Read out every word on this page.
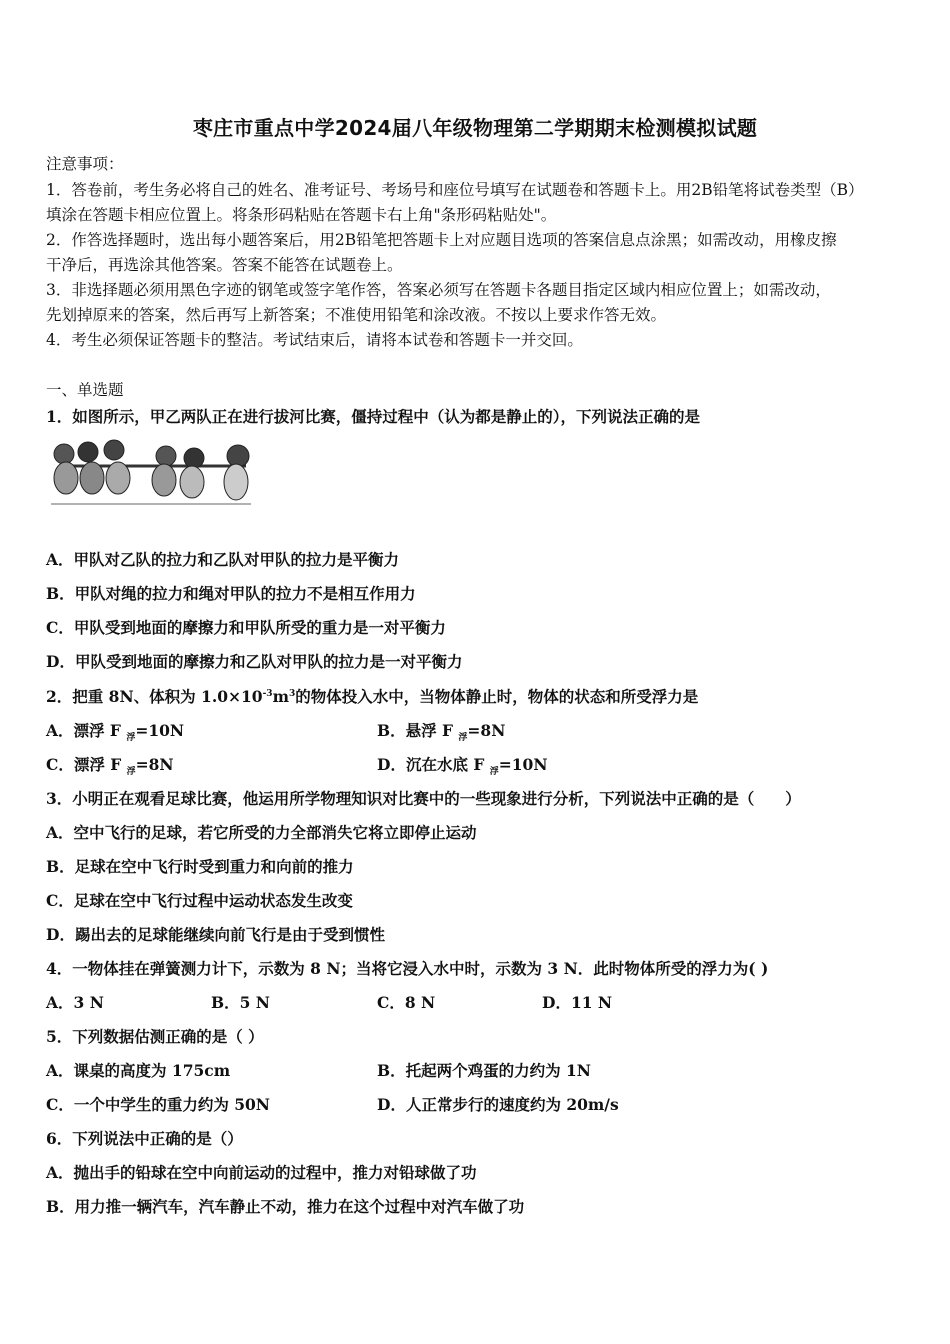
枣庄市重点中学2024届八年级物理第二学期期末检测模拟试题
注意事项：
1．答卷前，考生务必将自己的姓名、准考证号、考场号和座位号填写在试题卷和答题卡上。用2B铅笔将试卷类型（B）
填涂在答题卡相应位置上。将条形码粘贴在答题卡右上角"条形码粘贴处"。
2．作答选择题时，选出每小题答案后，用2B铅笔把答题卡上对应题目选项的答案信息点涂黑；如需改动，用橡皮擦
干净后，再选涂其他答案。答案不能答在试题卷上。
3．非选择题必须用黑色字迹的钢笔或签字笔作答，答案必须写在答题卡各题目指定区域内相应位置上；如需改动，
先划掉原来的答案，然后再写上新答案；不准使用铅笔和涂改液。不按以上要求作答无效。
4．考生必须保证答题卡的整洁。考试结束后，请将本试卷和答题卡一并交回。
一、单选题
1．如图所示，甲乙两队正在进行拔河比赛，僵持过程中（认为都是静止的），下列说法正确的是
A．甲队对乙队的拉力和乙队对甲队的拉力是平衡力
B．甲队对绳的拉力和绳对甲队的拉力不是相互作用力
C．甲队受到地面的摩擦力和甲队所受的重力是一对平衡力
D．甲队受到地面的摩擦力和乙队对甲队的拉力是一对平衡力
2．把重 8N、体积为 $1.0\times 10^{-3}m^3$的物体投入水中，当物体静止时，物体的状态和所受浮力是
A．漂浮 F $_浮$=10N	B．悬浮 F $_浮$=8N
C．漂浮 F $_浮$=8N	D．沉在水底 F $_浮$=10N
3．小明正在观看足球比赛，他运用所学物理知识对比赛中的一些现象进行分析，下列说法中正确的是（　　）
A．空中飞行的足球，若它所受的力全部消失它将立即停止运动
B．足球在空中飞行时受到重力和向前的推力
C．足球在空中飞行过程中运动状态发生改变
D．踢出去的足球能继续向前飞行是由于受到惯性
4．一物体挂在弹簧测力计下，示数为 8 N；当将它浸入水中时，示数为 3 N．此时物体所受的浮力为( )
A．3 N	B．5 N	C．8 N	D．11 N
5．下列数据估测正确的是（ ）
A．课桌的高度为 175cm	B．托起两个鸡蛋的力约为 1N
C．一个中学生的重力约为 50N	D．人正常步行的速度约为 20m/s
6．下列说法中正确的是（）
A．抛出手的铅球在空中向前运动的过程中，推力对铅球做了功
B．用力推一辆汽车，汽车静止不动，推力在这个过程中对汽车做了功
